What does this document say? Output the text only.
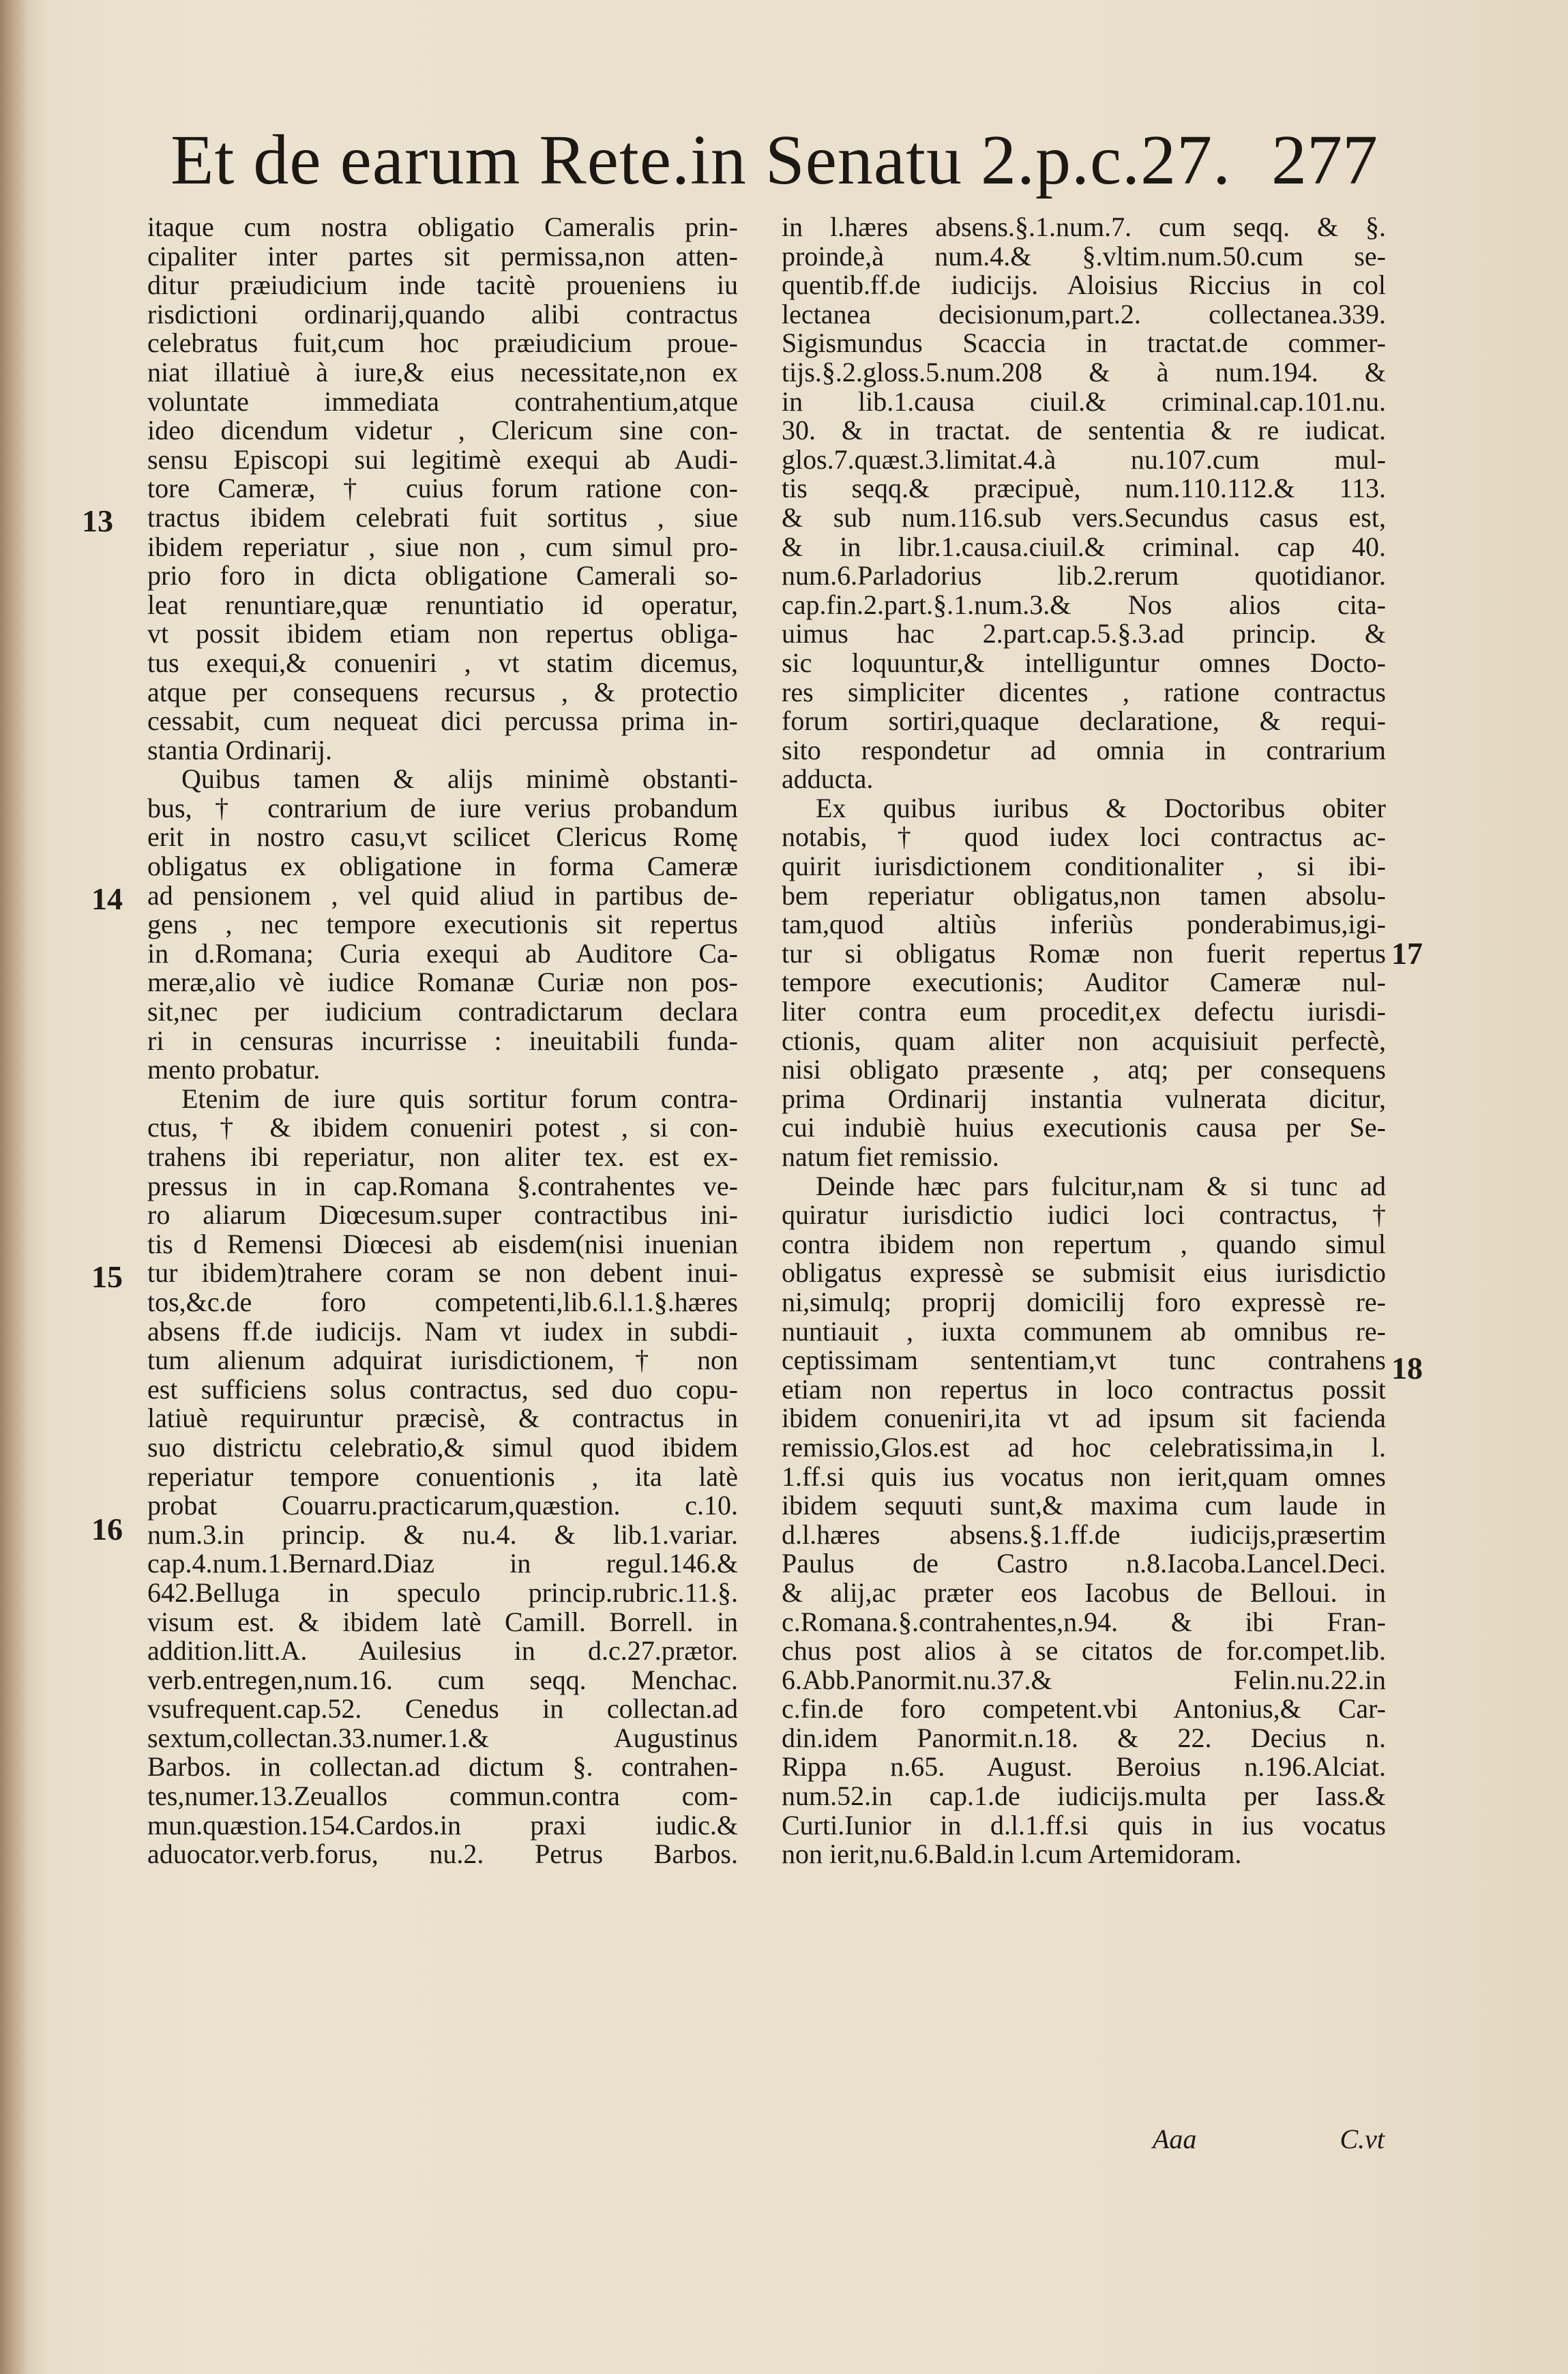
Et de earum Rete.in Senatu 2.p.c.27. 277
13
14
15
16
17
18
itaque cum nostra obligatio Cameralis prin-
cipaliter inter partes sit permissa,non atten-
ditur præiudicium inde tacitè proueniens iu
risdictioni ordinarij,quando alibi contractus
celebratus fuit,cum hoc præiudicium proue-
niat illatiuè à iure,& eius necessitate,non ex
voluntate immediata contrahentium,atque
ideo dicendum videtur , Clericum sine con-
sensu Episcopi sui legitimè exequi ab Audi-
tore Cameræ, † cuius forum ratione con-
tractus ibidem celebrati fuit sortitus , siue
ibidem reperiatur , siue non , cum simul pro-
prio foro in dicta obligatione Camerali so-
leat renuntiare,quæ renuntiatio id operatur,
vt possit ibidem etiam non repertus obliga-
tus exequi,& conueniri , vt statim dicemus,
atque per consequens recursus , & protectio
cessabit, cum nequeat dici percussa prima in-
stantia Ordinarij.
Quibus tamen & alijs minimè obstanti-
bus, † contrarium de iure verius probandum
erit in nostro casu,vt scilicet Clericus Romę
obligatus ex obligatione in forma Cameræ
ad pensionem , vel quid aliud in partibus de-
gens , nec tempore executionis sit repertus
in d.Romana; Curia exequi ab Auditore Ca-
meræ,alio vè iudice Romanæ Curiæ non pos-
sit,nec per iudicium contradictarum declara
ri in censuras incurrisse : ineuitabili funda-
mento probatur.
Etenim de iure quis sortitur forum contra-
ctus, † & ibidem conueniri potest , si con-
trahens ibi reperiatur, non aliter tex. est ex-
pressus in in cap.Romana §.contrahentes ve-
ro aliarum Diœcesum.super contractibus ini-
tis d Remensi Diœcesi ab eisdem(nisi inuenian
tur ibidem)trahere coram se non debent inui-
tos,&c.de foro competenti,lib.6.l.1.§.hæres
absens ff.de iudicijs. Nam vt iudex in subdi-
tum alienum adquirat iurisdictionem,† non
est sufficiens solus contractus, sed duo copu-
latiuè requiruntur præcisè, & contractus in
suo districtu celebratio,& simul quod ibidem
reperiatur tempore conuentionis , ita latè
probat Couarru.practicarum,quæstion. c.10.
num.3.in princip. & nu.4. & lib.1.variar.
cap.4.num.1.Bernard.Diaz in regul.146.&
642.Belluga in speculo princip.rubric.11.§.
visum est. & ibidem latè Camill. Borrell. in
addition.litt.A. Auilesius in d.c.27.prætor.
verb.entregen,num.16. cum seqq. Menchac.
vsufrequent.cap.52. Cenedus in collectan.ad
sextum,collectan.33.numer.1.& Augustinus
Barbos. in collectan.ad dictum §. contrahen-
tes,numer.13.Zeuallos commun.contra com-
mun.quæstion.154.Cardos.in praxi iudic.&
aduocator.verb.forus, nu.2. Petrus Barbos.
in l.hæres absens.§.1.num.7. cum seqq. & §.
proinde,à num.4.& §.vltim.num.50.cum se-
quentib.ff.de iudicijs. Aloisius Riccius in col
lectanea decisionum,part.2. collectanea.339.
Sigismundus Scaccia in tractat.de commer-
tijs.§.2.gloss.5.num.208 & à num.194. &
in lib.1.causa ciuil.& criminal.cap.101.nu.
30. & in tractat. de sententia & re iudicat.
glos.7.quæst.3.limitat.4.à nu.107.cum mul-
tis seqq.& præcipuè, num.110.112.& 113.
& sub num.116.sub vers.Secundus casus est,
& in libr.1.causa.ciuil.& criminal. cap 40.
num.6.Parladorius lib.2.rerum quotidianor.
cap.fin.2.part.§.1.num.3.& Nos alios cita-
uimus hac 2.part.cap.5.§.3.ad princip. &
sic loquuntur,& intelliguntur omnes Docto-
res simpliciter dicentes , ratione contractus
forum sortiri,quaque declaratione, & requi-
sito respondetur ad omnia in contrarium
adducta.
Ex quibus iuribus & Doctoribus obiter
notabis, † quod iudex loci contractus ac-
quirit iurisdictionem conditionaliter , si ibi-
bem reperiatur obligatus,non tamen absolu-
tam,quod altiùs inferiùs ponderabimus,igi-
tur si obligatus Romæ non fuerit repertus
tempore executionis; Auditor Cameræ nul-
liter contra eum procedit,ex defectu iurisdi-
ctionis, quam aliter non acquisiuit perfectè,
nisi obligato præsente , atq; per consequens
prima Ordinarij instantia vulnerata dicitur,
cui indubiè huius executionis causa per Se-
natum fiet remissio.
Deinde hæc pars fulcitur,nam & si tunc ad
quiratur iurisdictio iudici loci contractus, †
contra ibidem non repertum , quando simul
obligatus expressè se submisit eius iurisdictio
ni,simulq; proprij domicilij foro expressè re-
nuntiauit , iuxta communem ab omnibus re-
ceptissimam sententiam,vt tunc contrahens
etiam non repertus in loco contractus possit
ibidem conueniri,ita vt ad ipsum sit facienda
remissio,Glos.est ad hoc celebratissima,in l.
1.ff.si quis ius vocatus non ierit,quam omnes
ibidem sequuti sunt,& maxima cum laude in
d.l.hæres absens.§.1.ff.de iudicijs,præsertim
Paulus de Castro n.8.Iacoba.Lancel.Deci.
& alij,ac præter eos Iacobus de Belloui. in
c.Romana.§.contrahentes,n.94. & ibi Fran-
chus post alios à se citatos de for.compet.lib.
6.Abb.Panormit.nu.37.& Felin.nu.22.in
c.fin.de foro competent.vbi Antonius,& Car-
din.idem Panormit.n.18. & 22. Decius n.
Rippa n.65. August. Beroius n.196.Alciat.
num.52.in cap.1.de iudicijs.multa per Iass.&
Curti.Iunior in d.l.1.ff.si quis in ius vocatus
non ierit,nu.6.Bald.in l.cum Artemidoram.
Aaa	C.vt
